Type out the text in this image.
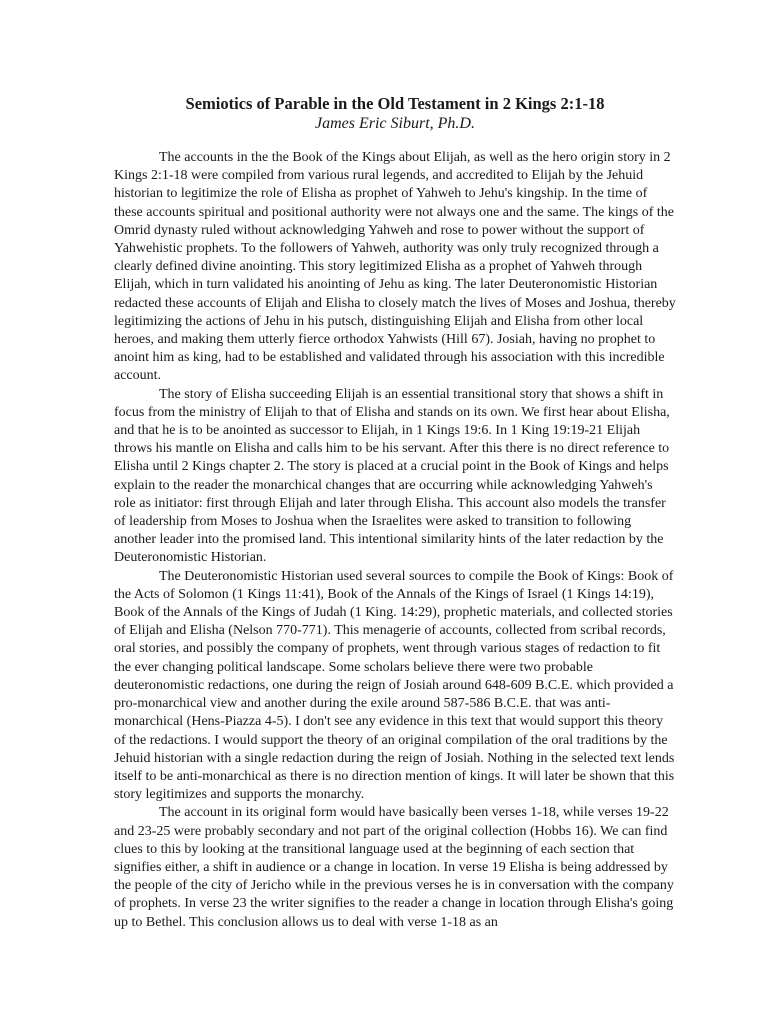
Semiotics of Parable in the Old Testament in 2 Kings 2:1-18
James Eric Siburt, Ph.D.

The accounts in the the Book of the Kings about Elijah, as well as the hero origin story in 2 Kings 2:1-18 were compiled from various rural legends, and accredited to Elijah by the Jehuid historian to legitimize the role of Elisha as prophet of Yahweh to Jehu's kingship. In the time of these accounts spiritual and positional authority were not always one and the same. The kings of the Omrid dynasty ruled without acknowledging Yahweh and rose to power without the support of Yahwehistic prophets. To the followers of Yahweh, authority was only truly recognized through a clearly defined divine anointing. This story legitimized Elisha as a prophet of Yahweh through Elijah, which in turn validated his anointing of Jehu as king. The later Deuteronomistic Historian redacted these accounts of Elijah and Elisha to closely match the lives of Moses and Joshua, thereby legitimizing the actions of Jehu in his putsch, distinguishing Elijah and Elisha from other local heroes, and making them utterly fierce orthodox Yahwists (Hill 67). Josiah, having no prophet to anoint him as king, had to be established and validated through his association with this incredible account.

The story of Elisha succeeding Elijah is an essential transitional story that shows a shift in focus from the ministry of Elijah to that of Elisha and stands on its own. We first hear about Elisha, and that he is to be anointed as successor to Elijah, in 1 Kings 19:6. In 1 King 19:19-21 Elijah throws his mantle on Elisha and calls him to be his servant. After this there is no direct reference to Elisha until 2 Kings chapter 2. The story is placed at a crucial point in the Book of Kings and helps explain to the reader the monarchical changes that are occurring while acknowledging Yahweh's role as initiator: first through Elijah and later through Elisha. This account also models the transfer of leadership from Moses to Joshua when the Israelites were asked to transition to following another leader into the promised land. This intentional similarity hints of the later redaction by the Deuteronomistic Historian.

The Deuteronomistic Historian used several sources to compile the Book of Kings: Book of the Acts of Solomon (1 Kings 11:41), Book of the Annals of the Kings of Israel (1 Kings 14:19), Book of the Annals of the Kings of Judah (1 King. 14:29), prophetic materials, and collected stories of Elijah and Elisha (Nelson 770-771). This menagerie of accounts, collected from scribal records, oral stories, and possibly the company of prophets, went through various stages of redaction to fit the ever changing political landscape. Some scholars believe there were two probable deuteronomistic redactions, one during the reign of Josiah around 648-609 B.C.E. which provided a pro-monarchical view and another during the exile around 587-586 B.C.E. that was anti-monarchical (Hens-Piazza 4-5). I don't see any evidence in this text that would support this theory of the redactions. I would support the theory of an original compilation of the oral traditions by the Jehuid historian with a single redaction during the reign of Josiah. Nothing in the selected text lends itself to be anti-monarchical as there is no direction mention of kings. It will later be shown that this story legitimizes and supports the monarchy.

The account in its original form would have basically been verses 1-18, while verses 19-22 and 23-25 were probably secondary and not part of the original collection (Hobbs 16). We can find clues to this by looking at the transitional language used at the beginning of each section that signifies either, a shift in audience or a change in location. In verse 19 Elisha is being addressed by the people of the city of Jericho while in the previous verses he is in conversation with the company of prophets. In verse 23 the writer signifies to the reader a change in location through Elisha's going up to Bethel. This conclusion allows us to deal with verse 1-18 as an
